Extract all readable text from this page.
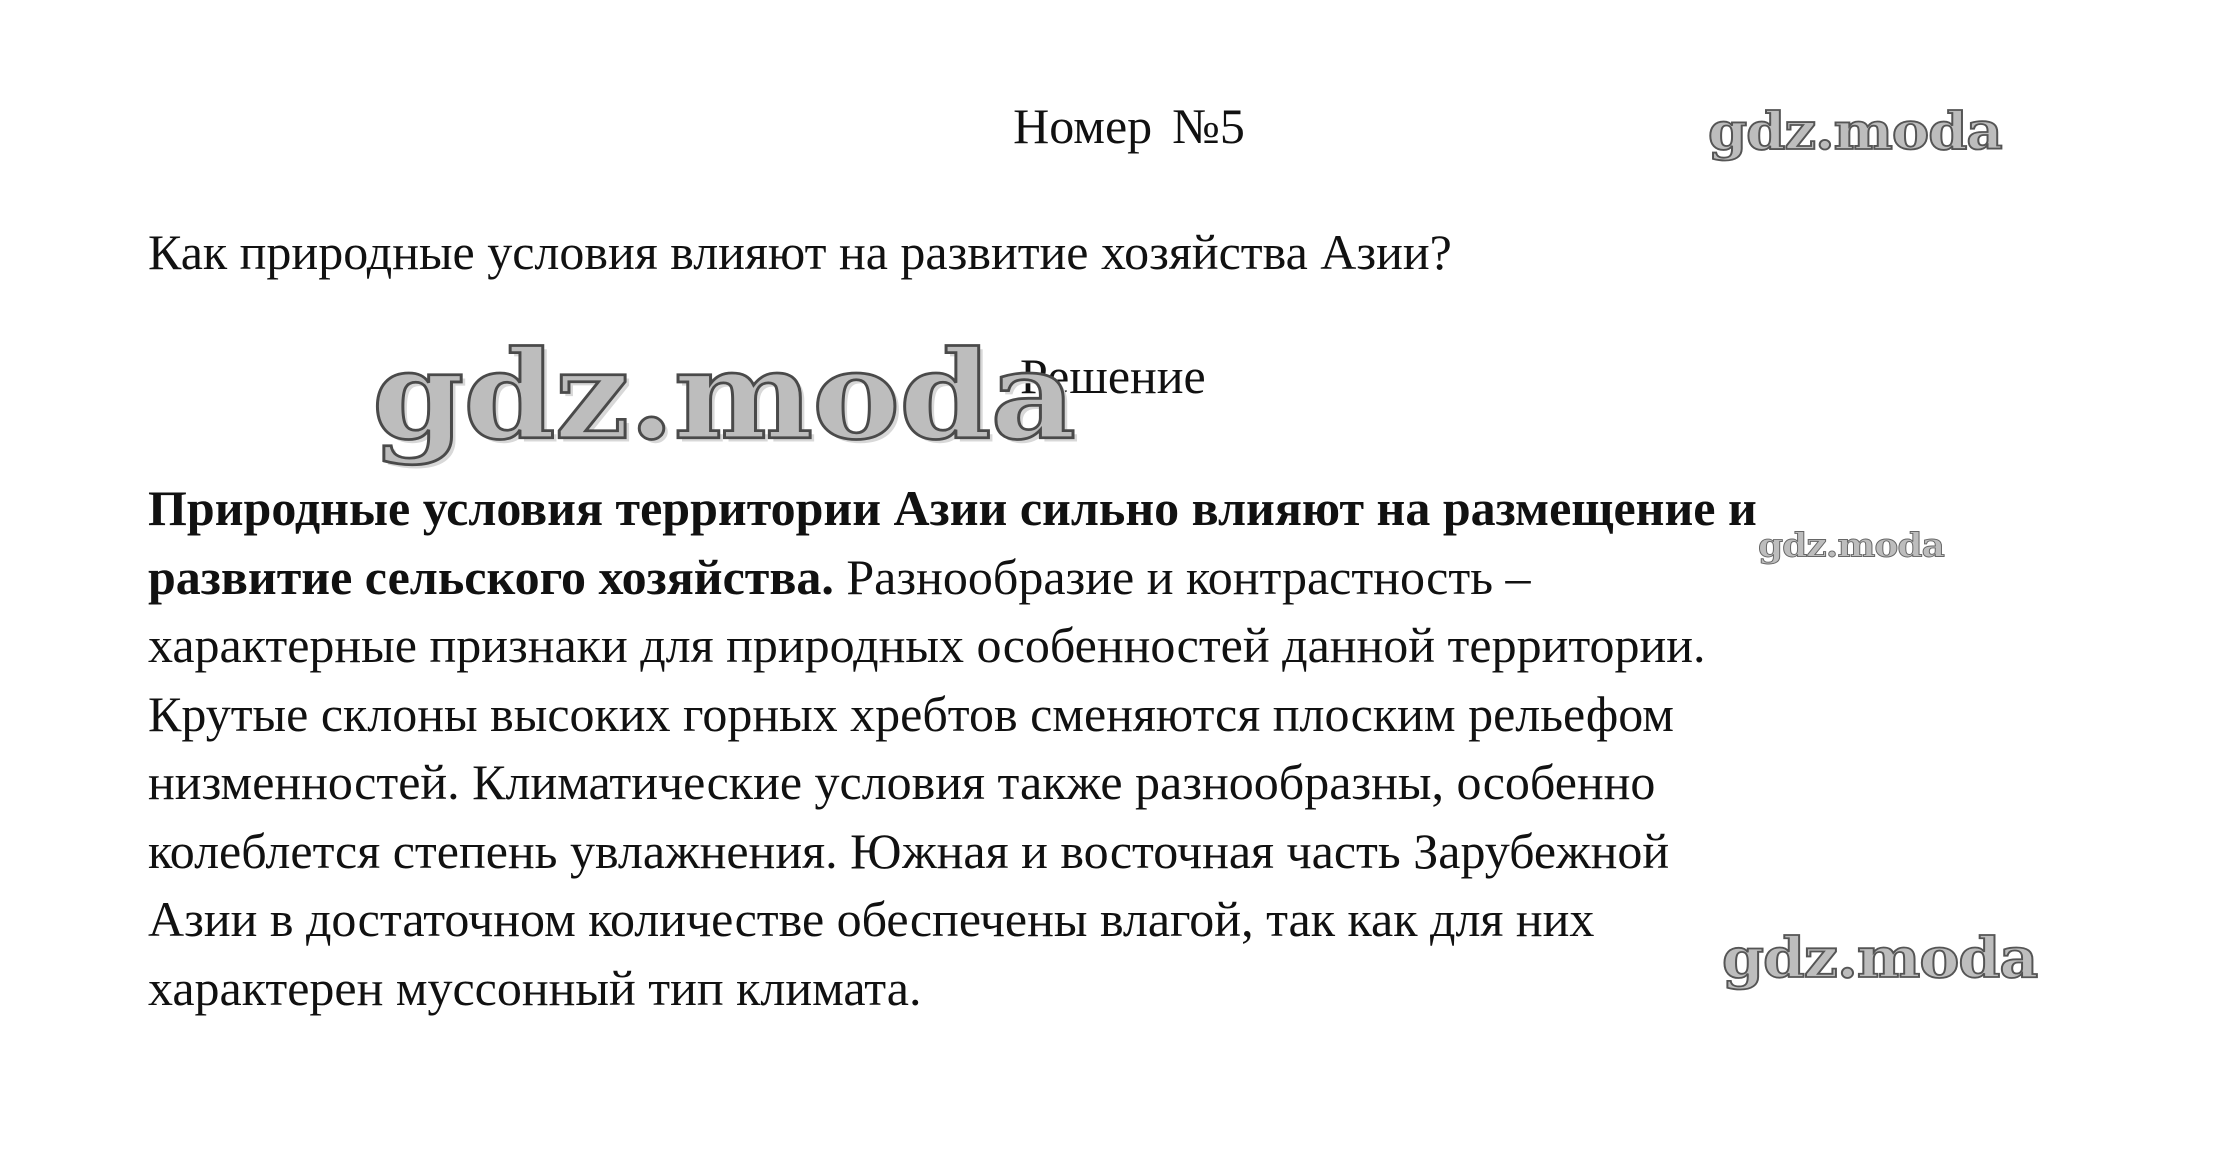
Номер №5
Как природные условия влияют на развитие хозяйства Азии?
Решение
Природные условия территории Азии сильно влияют на размещение и
развитие сельского хозяйства. Разнообразие и контрастность –
характерные признаки для природных особенностей данной территории.
Крутые склоны высоких горных хребтов сменяются плоским рельефом
низменностей. Климатические условия также разнообразны, особенно
колеблется степень увлажнения. Южная и восточная часть Зарубежной
Азии в достаточном количестве обеспечены влагой, так как для них
характерен муссонный тип климата.
gdz.moda
gdz.moda
gdz.moda
gdz.moda
